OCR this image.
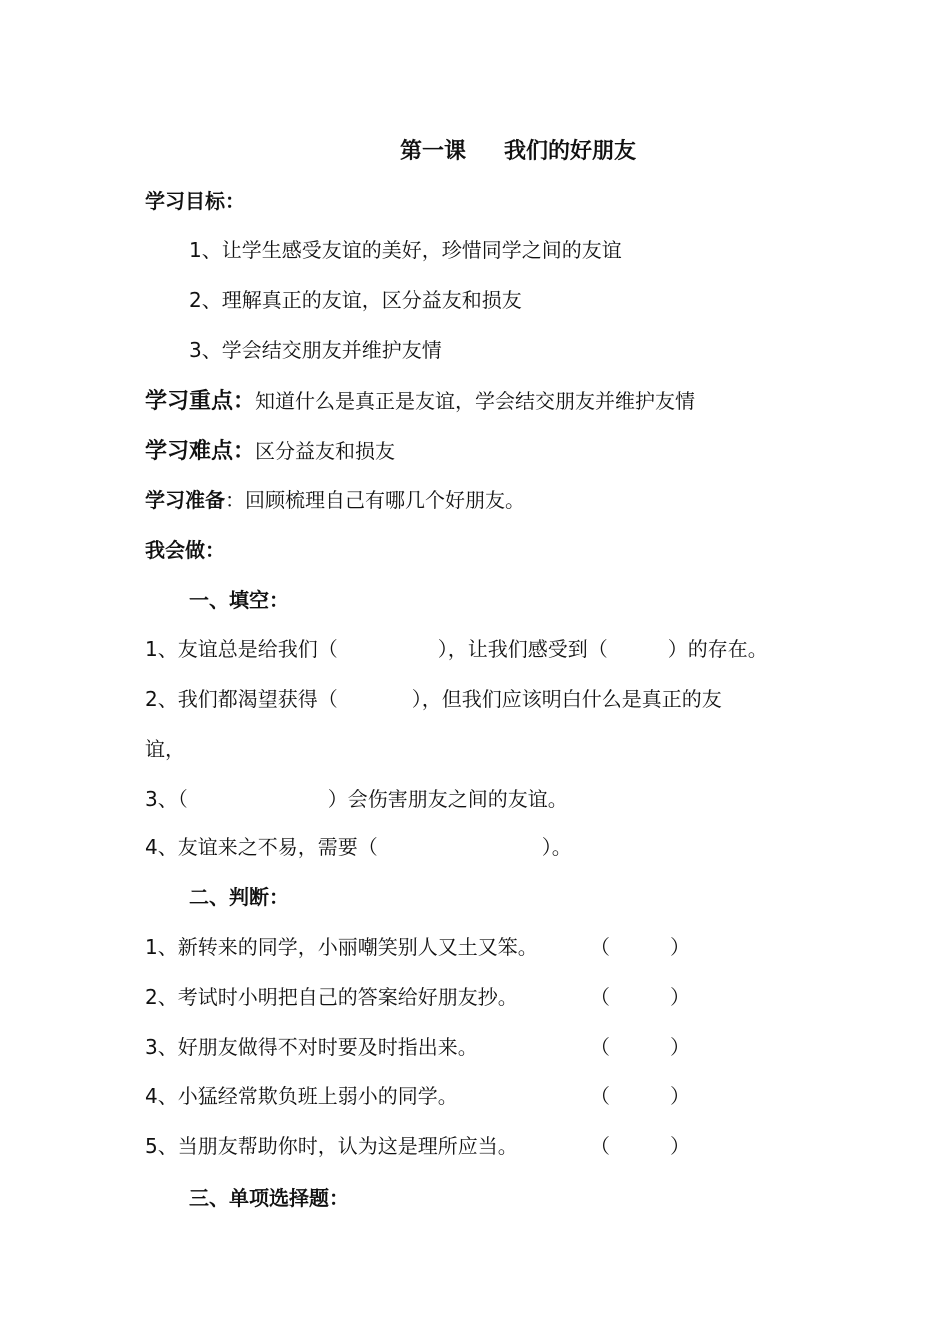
第一课 我们的好朋友
学习目标：
1、让学生感受友谊的美好，珍惜同学之间的友谊
2、理解真正的友谊，区分益友和损友
3、学会结交朋友并维护友情
学习重点：知道什么是真正是友谊，学会结交朋友并维护友情
学习难点：区分益友和损友
学习准备：回顾梳理自己有哪几个好朋友。
我会做：
一、填空：
1、友谊总是给我们（	），让我们感受到（	）的存在。
2、我们都渴望获得（	），但我们应该明白什么是真正的友
谊，
3、（	）会伤害朋友之间的友谊。
4、友谊来之不易，需要（	）。
二、判断：
1、新转来的同学，小丽嘲笑别人又土又笨。	（　　　）
2、考试时小明把自己的答案给好朋友抄。	（　　　）
3、好朋友做得不对时要及时指出来。	（　　　）
4、小猛经常欺负班上弱小的同学。	（　　　）
5、当朋友帮助你时，认为这是理所应当。	（　　　）
三、单项选择题：
